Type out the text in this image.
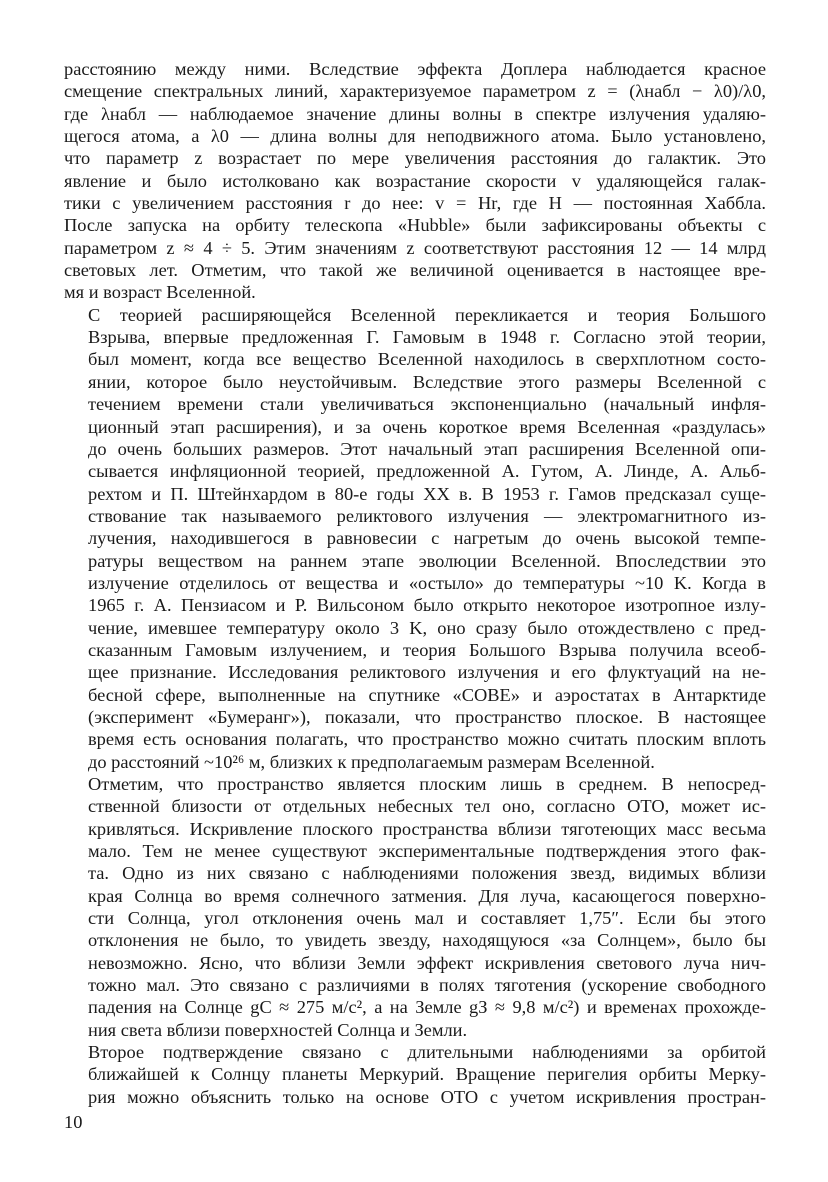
расстоянию между ними. Вследствие эффекта Доплера наблюдается красное
смещение спектральных линий, характеризуемое параметром z = (λнабл − λ0)/λ0,
где λнабл — наблюдаемое значение длины волны в спектре излучения удаляю-
щегося атома, а λ0 — длина волны для неподвижного атома. Было установлено,
что параметр z возрастает по мере увеличения расстояния до галактик. Это
явление и было истолковано как возрастание скорости v удаляющейся галак-
тики с увеличением расстояния r до нее: v = Hr, где H — постоянная Хаббла.
После запуска на орбиту телескопа «Hubble» были зафиксированы объекты с
параметром z ≈ 4 ÷ 5. Этим значениям z соответствуют расстояния 12 — 14 млрд
световых лет. Отметим, что такой же величиной оценивается в настоящее вре-
мя и возраст Вселенной.

С теорией расширяющейся Вселенной перекликается и теория Большого
Взрыва, впервые предложенная Г. Гамовым в 1948 г. Согласно этой теории,
был момент, когда все вещество Вселенной находилось в сверхплотном состо-
янии, которое было неустойчивым. Вследствие этого размеры Вселенной с
течением времени стали увеличиваться экспоненциально (начальный инфля-
ционный этап расширения), и за очень короткое время Вселенная «раздулась»
до очень больших размеров. Этот начальный этап расширения Вселенной опи-
сывается инфляционной теорией, предложенной А. Гутом, А. Линде, А. Альб-
рехтом и П. Штейнхардом в 80-е годы XX в. В 1953 г. Гамов предсказал суще-
ствование так называемого реликтового излучения — электромагнитного из-
лучения, находившегося в равновесии с нагретым до очень высокой темпе-
ратуры веществом на раннем этапе эволюции Вселенной. Впоследствии это
излучение отделилось от вещества и «остыло» до температуры ~10 K. Когда в
1965 г. А. Пензиасом и Р. Вильсоном было открыто некоторое изотропное излу-
чение, имевшее температуру около 3 K, оно сразу было отождествлено с пред-
сказанным Гамовым излучением, и теория Большого Взрыва получила всеоб-
щее признание. Исследования реликтового излучения и его флуктуаций на не-
бесной сфере, выполненные на спутнике «COBE» и аэростатах в Антарктиде
(эксперимент «Бумеранг»), показали, что пространство плоское. В настоящее
время есть основания полагать, что пространство можно считать плоским вплоть
до расстояний ~10²⁶ м, близких к предполагаемым размерам Вселенной.

Отметим, что пространство является плоским лишь в среднем. В непосред-
ственной близости от отдельных небесных тел оно, согласно ОТО, может ис-
кривляться. Искривление плоского пространства вблизи тяготеющих масс весьма
мало. Тем не менее существуют экспериментальные подтверждения этого фак-
та. Одно из них связано с наблюдениями положения звезд, видимых вблизи
края Солнца во время солнечного затмения. Для луча, касающегося поверхно-
сти Солнца, угол отклонения очень мал и составляет 1,75″. Если бы этого
отклонения не было, то увидеть звезду, находящуюся «за Солнцем», было бы
невозможно. Ясно, что вблизи Земли эффект искривления светового луча нич-
тожно мал. Это связано с различиями в полях тяготения (ускорение свободного
падения на Солнце gC ≈ 275 м/с², а на Земле gЗ ≈ 9,8 м/с²) и временах прохожде-
ния света вблизи поверхностей Солнца и Земли.

Второе подтверждение связано с длительными наблюдениями за орбитой
ближайшей к Солнцу планеты Меркурий. Вращение перигелия орбиты Мерку-
рия можно объяснить только на основе ОТО с учетом искривления простран-

10
